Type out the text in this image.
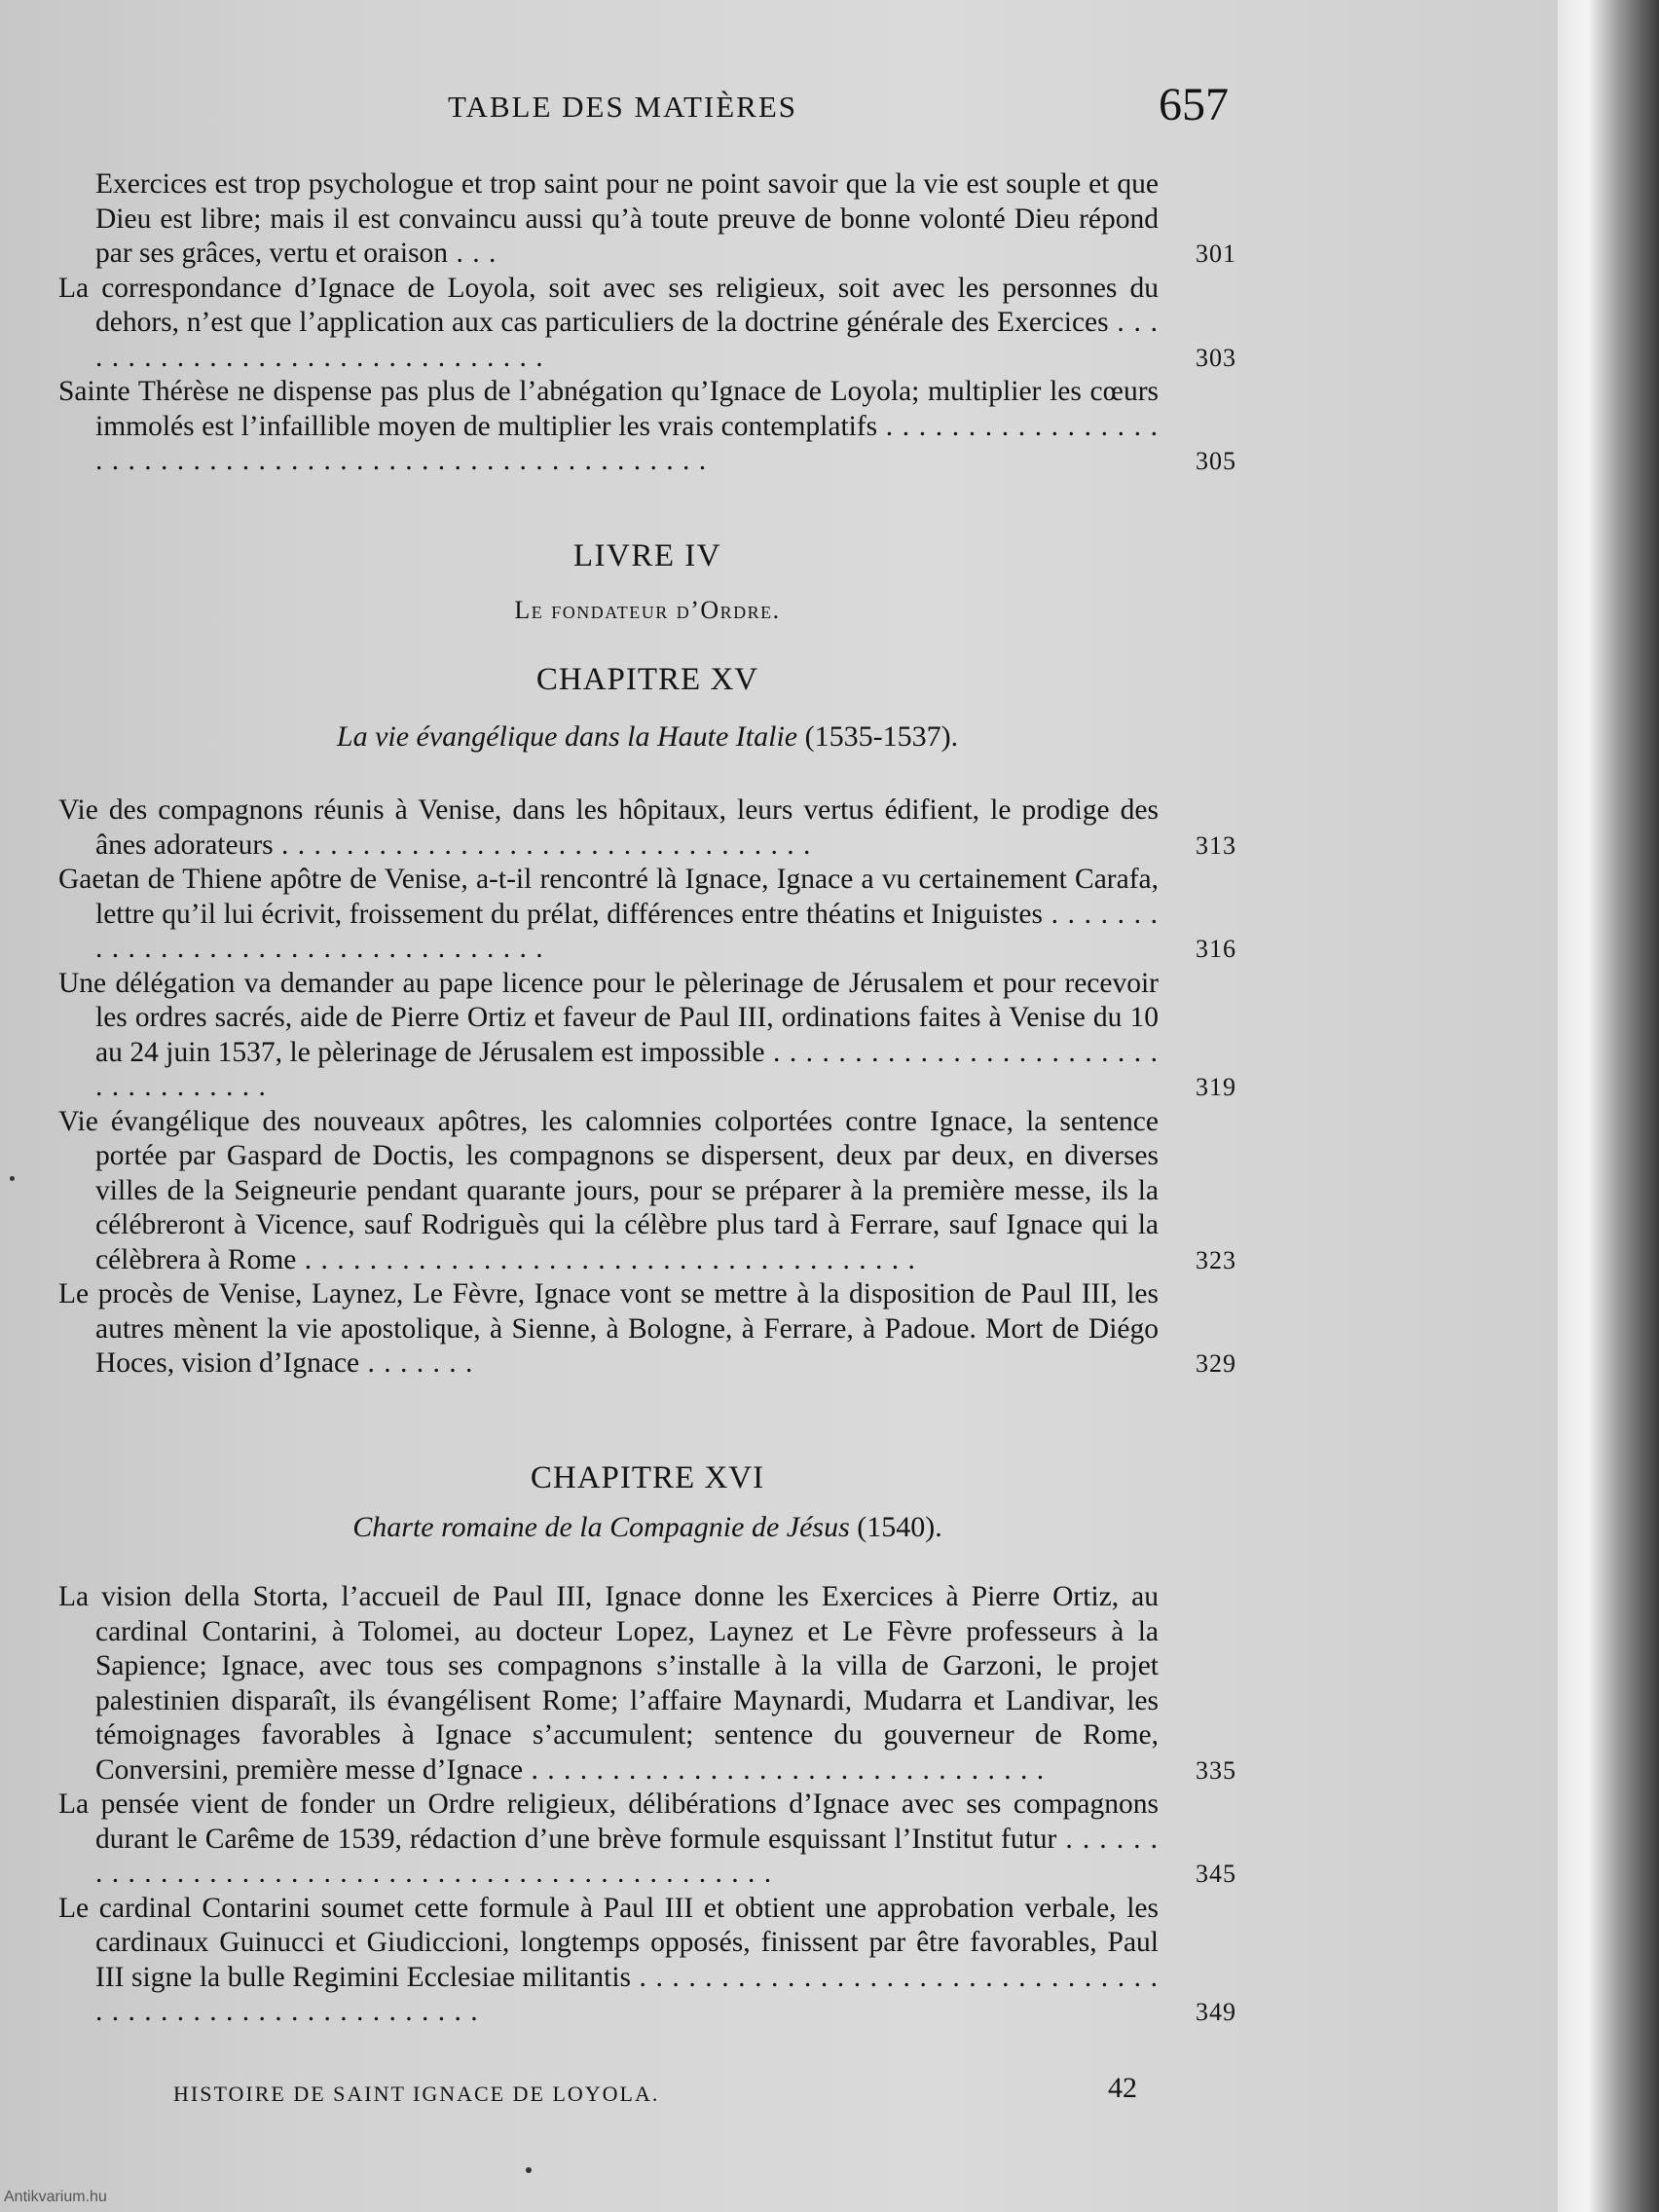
TABLE DES MATIÈRES	657

Exercices est trop psychologue et trop saint pour ne point savoir que la vie est souple et que Dieu est libre; mais il est convaincu aussi qu’à toute preuve de bonne volonté Dieu répond par ses grâces, vertu et oraison . . .	301

La correspondance d’Ignace de Loyola, soit avec ses religieux, soit avec les personnes du dehors, n’est que l’application aux cas particuliers de la doctrine générale des Exercices . . . . . . . . . . . . . . . . . . . . . . . . . . . . . . .	303

Sainte Thérèse ne dispense pas plus de l’abnégation qu’Ignace de Loyola; multiplier les cœurs immolés est l’infaillible moyen de multiplier les vrais contemplatifs . . . . . . . . . . . . . . . . . . . . . . . . . . . . . . . . . . . . . . . . . . . . . . . . . . . . . . .	305

LIVRE IV
Le fondateur d’Ordre.
CHAPITRE XV
La vie évangélique dans la Haute Italie (1535-1537).

Vie des compagnons réunis à Venise, dans les hôpitaux, leurs vertus édifient, le prodige des ânes adorateurs . . . . . . . . . . . . . . . . . . . . . . . . . . . . . . . . .	313

Gaetan de Thiene apôtre de Venise, a-t-il rencontré là Ignace, Ignace a vu certainement Carafa, lettre qu’il lui écrivit, froissement du prélat, différences entre théatins et Iniguistes . . . . . . . . . . . . . . . . . . . . . . . . . . . . . . . . . . .	316

Une délégation va demander au pape licence pour le pèlerinage de Jérusalem et pour recevoir les ordres sacrés, aide de Pierre Ortiz et faveur de Paul III, ordinations faites à Venise du 10 au 24 juin 1537, le pèlerinage de Jérusalem est impossible . . . . . . . . . . . . . . . . . . . . . . . . . . . . . . . . . . .	319

Vie évangélique des nouveaux apôtres, les calomnies colportées contre Ignace, la sentence portée par Gaspard de Doctis, les compagnons se dispersent, deux par deux, en diverses villes de la Seigneurie pendant quarante jours, pour se préparer à la première messe, ils la célébreront à Vicence, sauf Rodriguès qui la célèbre plus tard à Ferrare, sauf Ignace qui la célèbrera à Rome . . . . . . . . . . . . . . . . . . . . . . . . . . . . . . . . . . . . . .	323

Le procès de Venise, Laynez, Le Fèvre, Ignace vont se mettre à la disposition de Paul III, les autres mènent la vie apostolique, à Sienne, à Bologne, à Ferrare, à Padoue. Mort de Diégo Hoces, vision d’Ignace . . . . . . .	329

CHAPITRE XVI
Charte romaine de la Compagnie de Jésus (1540).

La vision della Storta, l’accueil de Paul III, Ignace donne les Exercices à Pierre Ortiz, au cardinal Contarini, à Tolomei, au docteur Lopez, Laynez et Le Fèvre professeurs à la Sapience; Ignace, avec tous ses compagnons s’installe à la villa de Garzoni, le projet palestinien disparaît, ils évangélisent Rome; l’affaire Maynardi, Mudarra et Landivar, les témoignages favorables à Ignace s’accumulent; sentence du gouverneur de Rome, Conversini, première messe d’Ignace . . . . . . . . . . . . . . . . . . . . . . . . . . . . . . . .	335

La pensée vient de fonder un Ordre religieux, délibérations d’Ignace avec ses compagnons durant le Carême de 1539, rédaction d’une brève formule esquissant l’Institut futur . . . . . . . . . . . . . . . . . . . . . . . . . . . . . . . . . . . . . . . . . . . . . . . .	345

Le cardinal Contarini soumet cette formule à Paul III et obtient une approbation verbale, les cardinaux Guinucci et Giudiccioni, longtemps opposés, finissent par être favorables, Paul III signe la bulle Regimini Ecclesiae militantis . . . . . . . . . . . . . . . . . . . . . . . . . . . . . . . . . . . . . . . . . . . . . . . . . . . . . . . .	349

HISTOIRE DE SAINT IGNACE DE LOYOLA.	42
Antikvarium.hu
